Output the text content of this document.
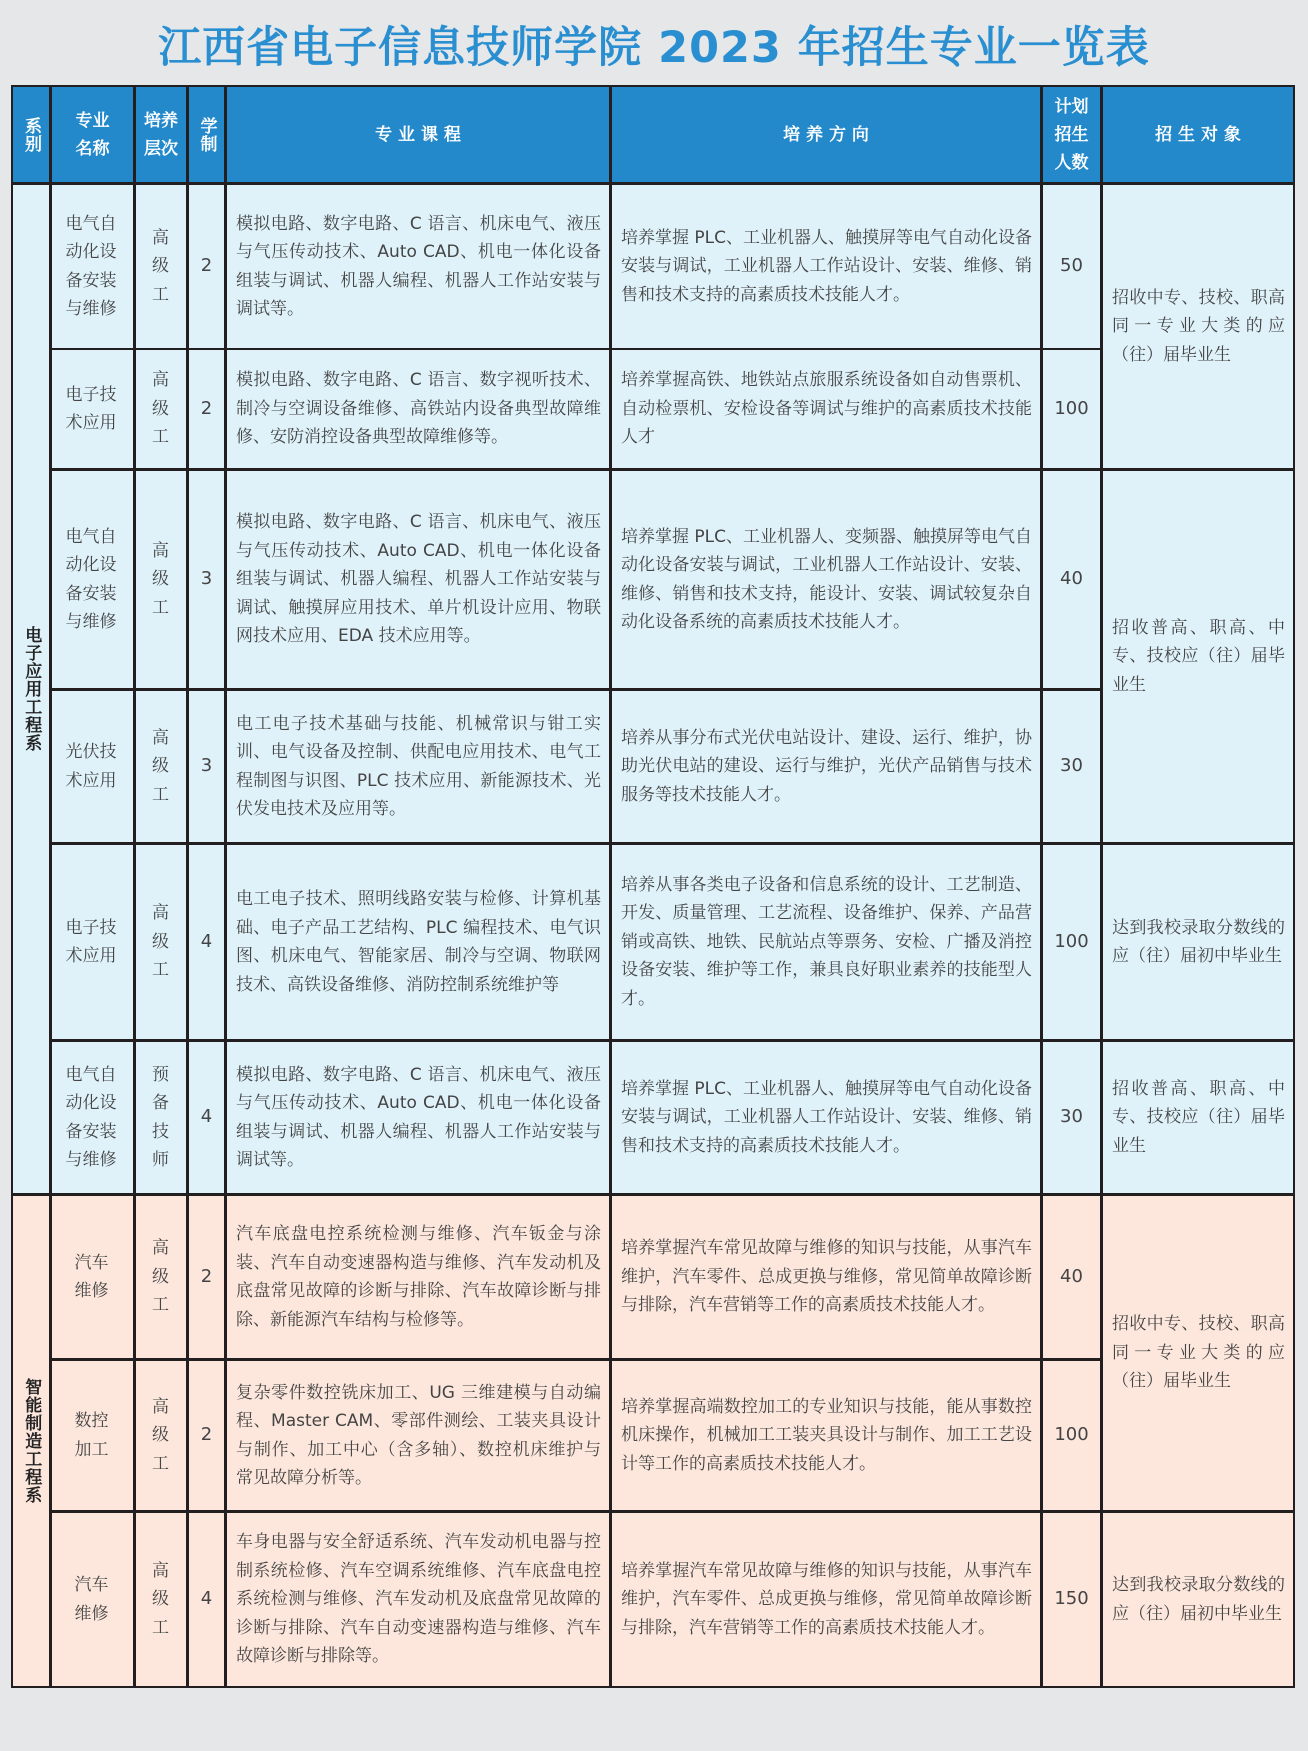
江西省电子信息技师学院 2023 年招生专业一览表
系别 专业名称
培养层次 学制	专 业 课 程	培 养 方 向
计划招生人数
招 生 对 象
电子应用工程系
智能制造工程系
电气自动化设备安装与维修
高级工
2
模拟电路、数字电路、C 语言、机床电气、液压与气压传动技术、Auto CAD、机电一体化设备组装与调试、机器人编程、机器人工作站安装与调试等。
培养掌握 PLC、工业机器人、触摸屏等电气自动化设备安装与调试，工业机器人工作站设计、安装、维修、销售和技术支持的高素质技术技能人才。
50
电子技术应用
高级工
2
模拟电路、数字电路、C 语言、数字视听技术、制冷与空调设备维修、高铁站内设备典型故障维修、安防消控设备典型故障维修等。
培养掌握高铁、地铁站点旅服系统设备如自动售票机、自动检票机、安检设备等调试与维护的高素质技术技能人才
100
电气自动化设备安装与维修
高级工
3
模拟电路、数字电路、C 语言、机床电气、液压与气压传动技术、Auto CAD、机电一体化设备组装与调试、机器人编程、机器人工作站安装与调试、触摸屏应用技术、单片机设计应用、物联网技术应用、EDA 技术应用等。
培养掌握 PLC、工业机器人、变频器、触摸屏等电气自动化设备安装与调试，工业机器人工作站设计、安装、维修、销售和技术支持，能设计、安装、调试较复杂自动化设备系统的高素质技术技能人才。
40
光伏技术应用
高级工
3
电工电子技术基础与技能、机械常识与钳工实训、电气设备及控制、供配电应用技术、电气工程制图与识图、PLC 技术应用、新能源技术、光伏发电技术及应用等。
培养从事分布式光伏电站设计、建设、运行、维护，协助光伏电站的建设、运行与维护，光伏产品销售与技术服务等技术技能人才。
30
电子技术应用
高级工
4
电工电子技术、照明线路安装与检修、计算机基础、电子产品工艺结构、PLC 编程技术、电气识图、机床电气、智能家居、制冷与空调、物联网技术、高铁设备维修、消防控制系统维护等
培养从事各类电子设备和信息系统的设计、工艺制造、开发、质量管理、工艺流程、设备维护、保养、产品营销或高铁、地铁、民航站点等票务、安检、广播及消控设备安装、维护等工作，兼具良好职业素养的技能型人才。
100
电气自动化设备安装与维修
预备技师
4
模拟电路、数字电路、C 语言、机床电气、液压与气压传动技术、Auto CAD、机电一体化设备组装与调试、机器人编程、机器人工作站安装与调试等。
培养掌握 PLC、工业机器人、触摸屏等电气自动化设备安装与调试，工业机器人工作站设计、安装、维修、销售和技术支持的高素质技术技能人才。
30
汽车维修
高级工
2
汽车底盘电控系统检测与维修、汽车钣金与涂装、汽车自动变速器构造与维修、汽车发动机及底盘常见故障的诊断与排除、汽车故障诊断与排除、新能源汽车结构与检修等。
培养掌握汽车常见故障与维修的知识与技能，从事汽车维护，汽车零件、总成更换与维修，常见简单故障诊断与排除，汽车营销等工作的高素质技术技能人才。
40
数控加工
高级工
2
复杂零件数控铣床加工、UG 三维建模与自动编程、Master CAM、零部件测绘、工装夹具设计与制作、加工中心（含多轴）、数控机床维护与常见故障分析等。
培养掌握高端数控加工的专业知识与技能，能从事数控机床操作，机械加工工装夹具设计与制作、加工工艺设计等工作的高素质技术技能人才。
100
汽车维修
高级工
4
车身电器与安全舒适系统、汽车发动机电器与控制系统检修、汽车空调系统维修、汽车底盘电控系统检测与维修、汽车发动机及底盘常见故障的诊断与排除、汽车自动变速器构造与维修、汽车故障诊断与排除等。
培养掌握汽车常见故障与维修的知识与技能，从事汽车维护，汽车零件、总成更换与维修，常见简单故障诊断与排除，汽车营销等工作的高素质技术技能人才。
150
招收中专、技校、职高同一专业大类的应（往）届毕业生
招收普高、职高、中专、技校应（往）届毕业生
达到我校录取分数线的应（往）届初中毕业生
招收普高、职高、中专、技校应（往）届毕业生
招收中专、技校、职高同一专业大类的应（往）届毕业生
达到我校录取分数线的应（往）届初中毕业生
